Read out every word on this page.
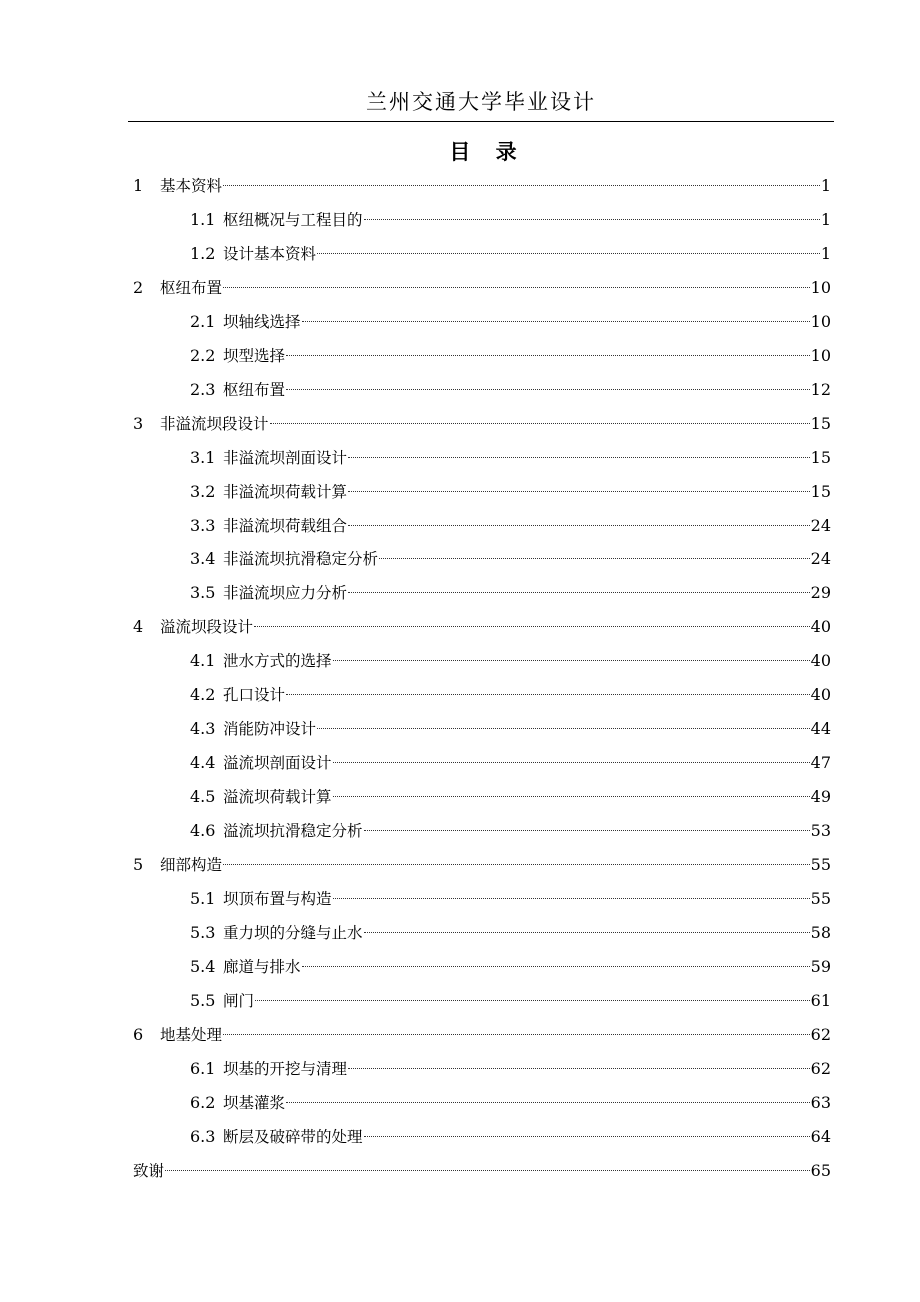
兰州交通大学毕业设计
目 录
1	基本资料	1
1.1 枢纽概况与工程目的	1
1.2 设计基本资料	1
2	枢纽布置	10
2.1 坝轴线选择	10
2.2 坝型选择	10
2.3 枢纽布置	12
3	非溢流坝段设计	15
3.1 非溢流坝剖面设计	15
3.2 非溢流坝荷载计算	15
3.3 非溢流坝荷载组合	24
3.4 非溢流坝抗滑稳定分析	24
3.5 非溢流坝应力分析	29
4	溢流坝段设计	40
4.1 泄水方式的选择	40
4.2 孔口设计	40
4.3 消能防冲设计	44
4.4 溢流坝剖面设计	47
4.5 溢流坝荷载计算	49
4.6 溢流坝抗滑稳定分析	53
5	细部构造	55
5.1 坝顶布置与构造	55
5.3 重力坝的分缝与止水	58
5.4 廊道与排水	59
5.5 闸门	61
6	地基处理	62
6.1 坝基的开挖与清理	62
6.2 坝基灌浆	63
6.3 断层及破碎带的处理	64
致谢	65
